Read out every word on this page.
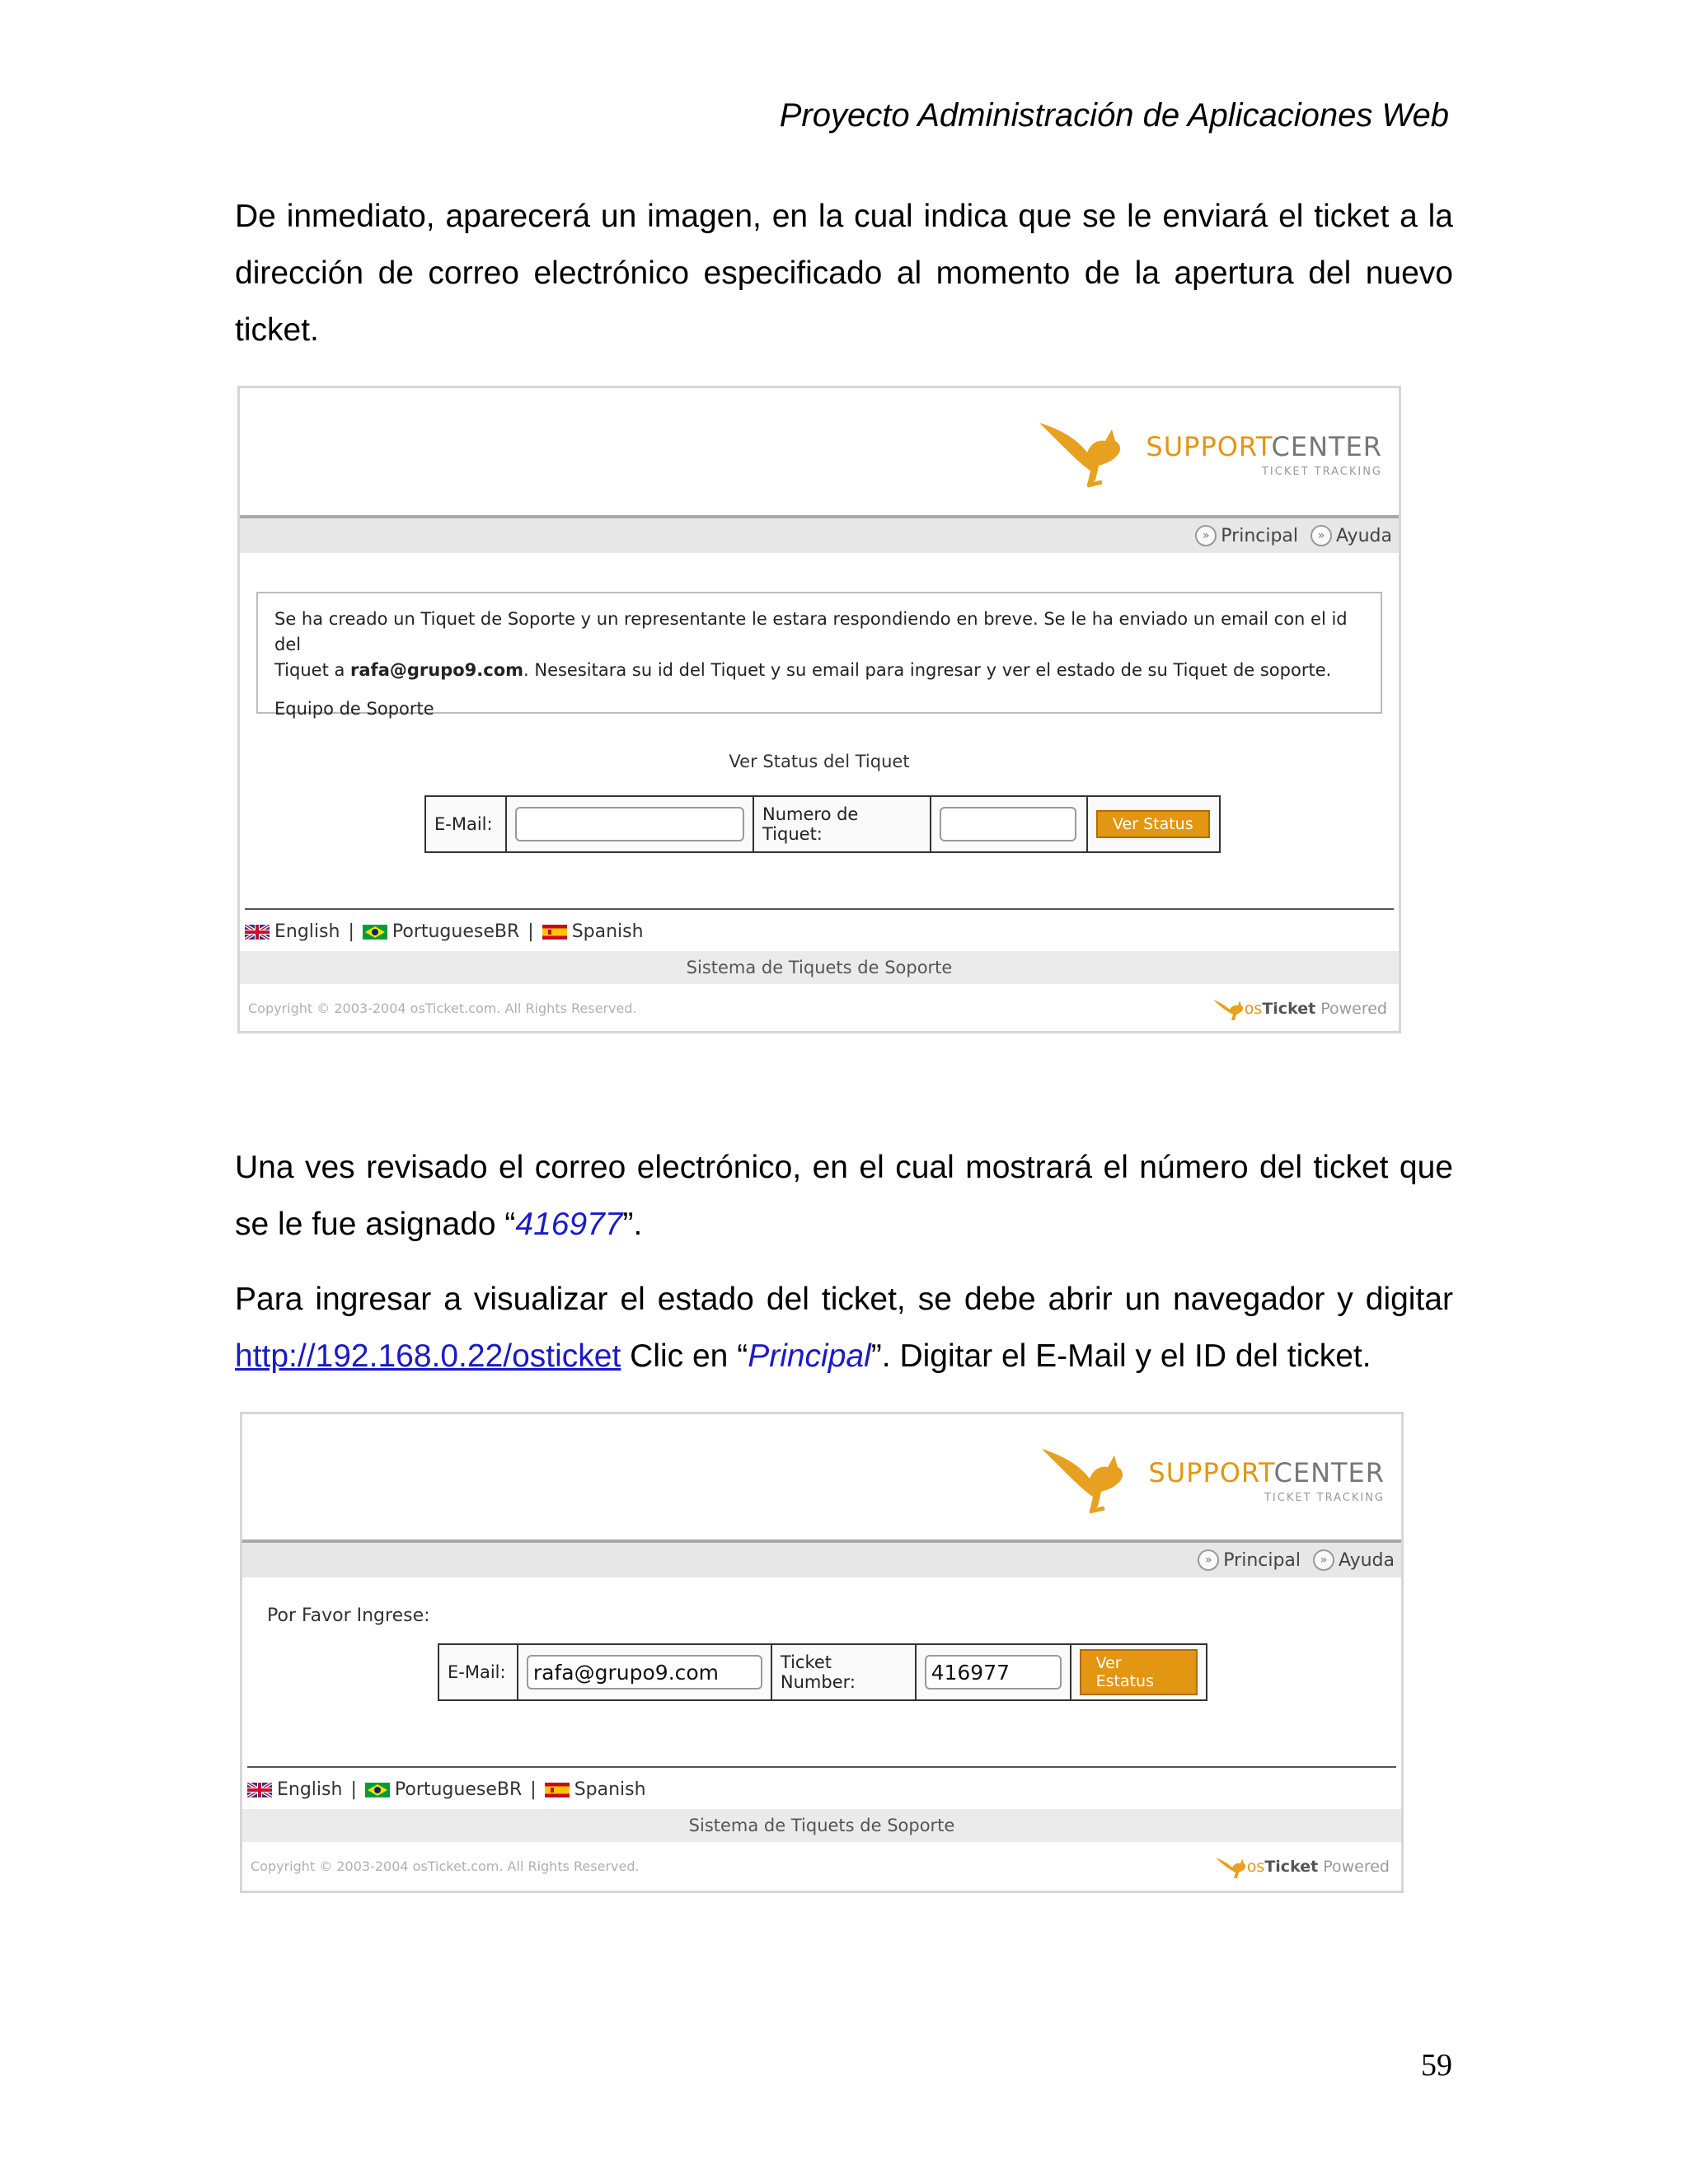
Proyecto Administración de Aplicaciones Web
De inmediato, aparecerá un imagen, en la cual indica que se le enviará el ticket a la dirección de correo electrónico especificado al momento de la apertura del nuevo ticket.
SUPPORTCENTER
TICKET TRACKING
» Principal
	» Ayuda
Se ha creado un Tiquet de Soporte y un representante le estara respondiendo en breve. Se le ha enviado un email con el id del
Tiquet a rafa@grupo9.com. Nesesitara su id del Tiquet y su email para ingresar y ver el estado de su Tiquet de soporte.
Equipo de Soporte
Ver Status del Tiquet
E-Mail:	Numero de Tiquet:	Ver Status
English | PortugueseBR | Spanish
Sistema de Tiquets de Soporte
Copyright © 2003-2004 osTicket.com. All Rights Reserved.	os Ticket
Powered
Una ves revisado el correo electrónico, en el cual mostrará el número del ticket que se le fue asignado “416977”.
Para ingresar a visualizar el estado del ticket, se debe abrir un navegador y digitar http://192.168.0.22/osticket Clic en “Principal”. Digitar el E-Mail y el ID del ticket.
SUPPORTCENTER
TICKET TRACKING
» Principal
	» Ayuda
Por Favor Ingrese:
E-Mail:	rafa@grupo9.com	Ticket Number:	416977	Ver Estatus
English | PortugueseBR | Spanish
Sistema de Tiquets de Soporte
Copyright © 2003-2004 osTicket.com. All Rights Reserved.	os Ticket
Powered
59
